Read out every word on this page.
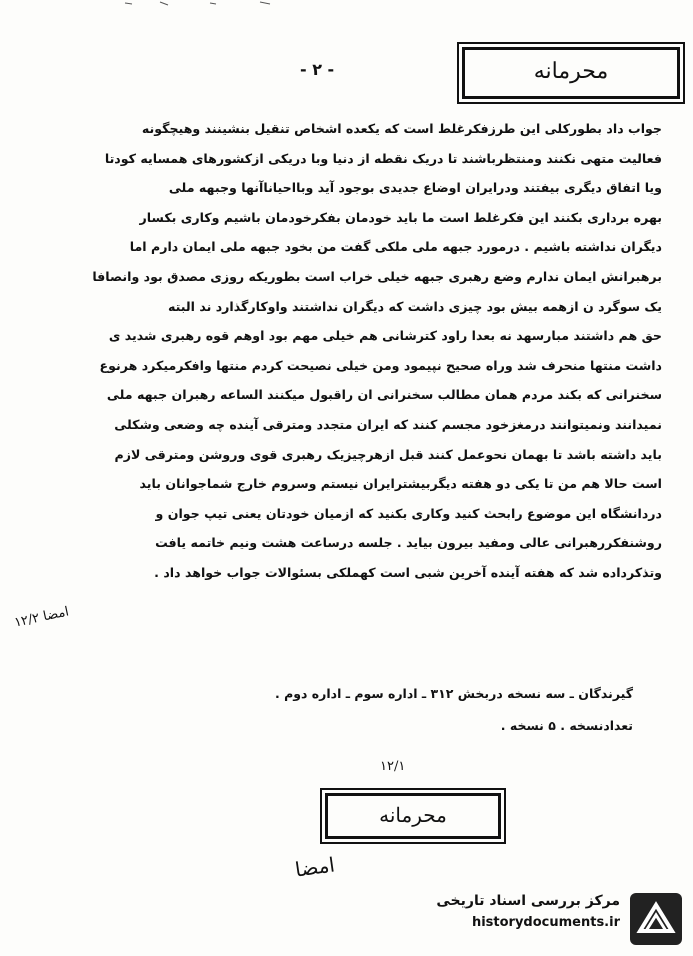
- ۲ -	محرمانه
جواب داد بطورکلی این طرزفکرغلط است که یکعده اشخاص تنقیل بنشینند وهیچگونه
فعالیت متهی نکنند ومنتظرباشند تا دریک نقطه از دنیا وبا دریکی ازکشورهای همسایه کودتا
ویا اتفاق دیگری بیفتند ودرایران اوضاع جدیدی بوجود آید وبااحیاناآنها وجبهه ملی
بهره برداری بکنند این فکرغلط است ما باید خودمان بفکرخودمان باشیم وکاری بکسار
دیگران نداشته باشیم . درمورد جبهه ملی ملکی گفت من بخود جبهه ملی ایمان دارم اما
برهبرانش ایمان ندارم وضع رهبری جبهه خیلی خراب است بطوریکه روزی مصدق بود وانصافا
یک سوگرد ن ازهمه بیش بود چیزی داشت که دیگران نداشتند واوکارگذارد ند البته
حق هم داشتند مبارسهد نه بعدا راود کترشانی هم خیلی مهم بود اوهم قوه رهبری شدید ی
داشت منتها منحرف شد وراه صحیح نپیمود ومن خیلی نصیحت کردم منتها وافکرمیکرد هرنوع
سخنرانی که بکند مردم همان مطالب سخنرانی ان راقبول میکنند الساعه رهبران جبهه ملی
نمیدانند ونمیتوانند درمغزخود مجسم کنند که ایران متجدد ومترقی آینده چه وضعی وشکلی
باید داشته باشد تا بهمان نحوعمل کنند قبل ازهرچیزیک رهبری قوی وروشن ومترقی لازم
است حالا هم من تا یکی دو هفته دیگربیشترایران نیستم وسروم خارج شماجوانان باید
دردانشگاه این موضوع رابحث کنید وکاری بکنید که ازمیان خودتان یعنی تیپ جوان و
روشنفکررهبرانی عالی ومفید بیرون بیاید . جلسه درساعت هشت ونیم خاتمه یافت
وتذکرداده شد که هفته آینده آخرین شبی است کهملکی بسئوالات جواب خواهد داد .
امضا ۱۲/۲
گیرندگان ـ سه نسخه دربخش ۳۱۲ ـ اداره سوم ـ اداره دوم .
تعدادنسخه . ۵ نسخه .
۱۲/۱
محرمانه
امضا
مرکز بررسی اسناد تاریخی
historydocuments.ir
